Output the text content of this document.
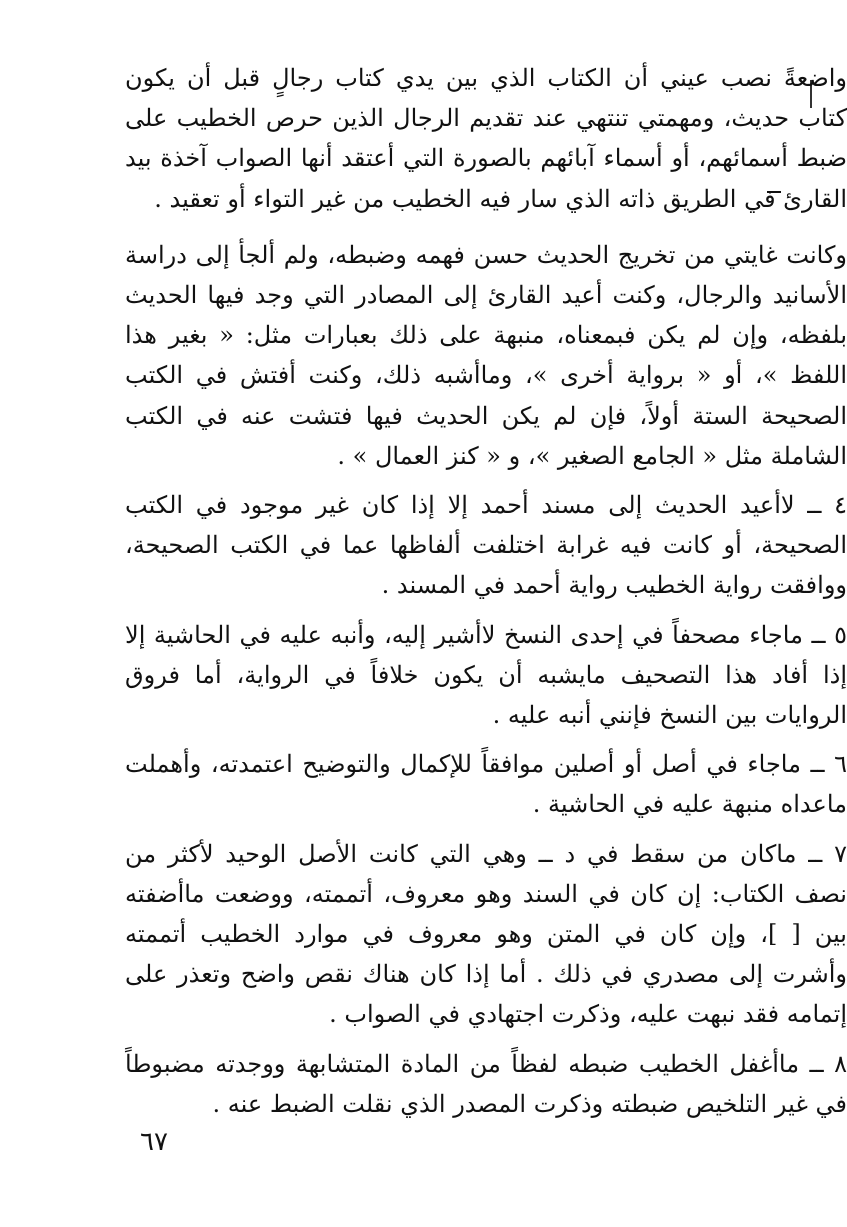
واضعةً نصب عيني أن الكتاب الذي بين يدي كتاب رجالٍ قبل أن يكون كتاب حديث، ومهمتي تنتهي عند تقديم الرجال الذين حرص الخطيب على ضبط أسمائهم، أو أسماء آبائهم بالصورة التي أعتقد أنها الصواب آخذة بيد القارئ في الطريق ذاته الذي سار فيه الخطيب من غير التواء أو تعقيد .

وكانت غايتي من تخريج الحديث حسن فهمه وضبطه، ولم ألجأ إلى دراسة الأسانيد والرجال، وكنت أعيد القارئ إلى المصادر التي وجد فيها الحديث بلفظه، وإن لم يكن فبمعناه، منبهة على ذلك بعبارات مثل: « بغير هذا اللفظ »، أو « برواية أخرى »، وماأشبه ذلك، وكنت أفتش في الكتب الصحيحة الستة أولاً، فإن لم يكن الحديث فيها فتشت عنه في الكتب الشاملة مثل « الجامع الصغير »، و « كنز العمال » .

٤ ــ لاأعيد الحديث إلى مسند أحمد إلا إذا كان غير موجود في الكتب الصحيحة، أو كانت فيه غرابة اختلفت ألفاظها عما في الكتب الصحيحة، ووافقت رواية الخطيب رواية أحمد في المسند .

٥ ــ ماجاء مصحفاً في إحدى النسخ لاأشير إليه، وأنبه عليه في الحاشية إلا إذا أفاد هذا التصحيف مايشبه أن يكون خلافاً في الرواية، أما فروق الروايات بين النسخ فإنني أنبه عليه .

٦ ــ ماجاء في أصل أو أصلين موافقاً للإكمال والتوضيح اعتمدته، وأهملت ماعداه منبهة عليه في الحاشية .

٧ ــ ماكان من سقط في د ــ وهي التي كانت الأصل الوحيد لأكثر من نصف الكتاب: إن كان في السند وهو معروف، أتممته، ووضعت ماأضفته بين [ ]، وإن كان في المتن وهو معروف في موارد الخطيب أتممته وأشرت إلى مصدري في ذلك . أما إذا كان هناك نقص واضح وتعذر على إتمامه فقد نبهت عليه، وذكرت اجتهادي في الصواب .

٨ ــ ماأغفل الخطيب ضبطه لفظاً من المادة المتشابهة ووجدته مضبوطاً في غير التلخيص ضبطته وذكرت المصدر الذي نقلت الضبط عنه .

٦٧
